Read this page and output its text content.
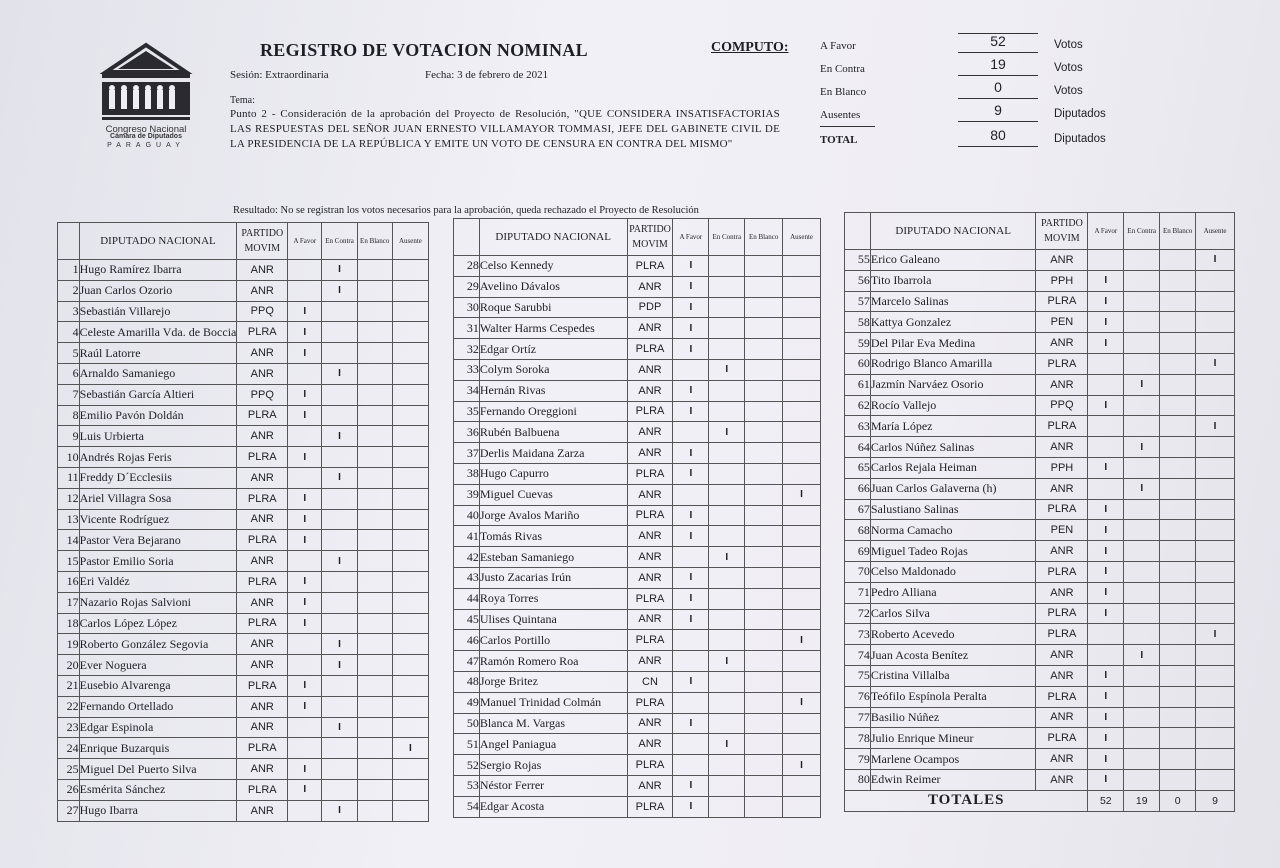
Congreso Nacional
Cámara de Diputados
PARAGUAY
REGISTRO DE VOTACION NOMINAL
Sesión: Extraordinaria	Fecha: 3 de febrero de 2021
Tema:
Punto 2 - Consideración de la aprobación del Proyecto de Resolución, "QUE CONSIDERA INSATISFACTORIAS LAS RESPUESTAS DEL SEÑOR JUAN ERNESTO VILLAMAYOR TOMMASI, JEFE DEL GABINETE CIVIL DE LA PRESIDENCIA DE LA REPÚBLICA Y EMITE UN VOTO DE CENSURA EN CONTRA DEL MISMO"
COMPUTO:	A Favor	52	Votos
En Contra	19	Votos
En Blanco	0	Votos
Ausentes	9	Diputados
TOTAL	80	Diputados
Resultado: No se registran los votos necesarios para la aprobación, queda rechazado el Proyecto de Resolución
	DIPUTADO NACIONAL	PARTIDO
MOVIM	A Favor	En Contra	En Blanco	Ausente
1	Hugo Ramírez Ibarra	ANR		I		
2	Juan Carlos Ozorio	ANR		I		
3	Sebastián Villarejo	PPQ	I			
4	Celeste Amarilla Vda. de Boccia	PLRA	I			
5	Raúl Latorre	ANR	I			
6	Arnaldo Samaniego	ANR		I		
7	Sebastián García Altieri	PPQ	I			
8	Emilio Pavón Doldán	PLRA	I			
9	Luis Urbierta	ANR		I		
10	Andrés Rojas Feris	PLRA	I			
11	Freddy D´Ecclesiis	ANR		I		
12	Ariel Villagra Sosa	PLRA	I			
13	Vicente Rodríguez	ANR	I			
14	Pastor Vera Bejarano	PLRA	I			
15	Pastor Emilio Soria	ANR		I		
16	Eri Valdéz	PLRA	I			
17	Nazario Rojas Salvioni	ANR	I			
18	Carlos López López	PLRA	I			
19	Roberto González Segovia	ANR		I		
20	Ever Noguera	ANR		I		
21	Eusebio Alvarenga	PLRA	I			
22	Fernando Ortellado	ANR	I			
23	Edgar Espinola	ANR		I		
24	Enrique Buzarquis	PLRA				I
25	Miguel Del Puerto Silva	ANR	I			
26	Esmérita Sánchez	PLRA	I			
27	Hugo Ibarra	ANR		I		
	DIPUTADO NACIONAL	PARTIDO
MOVIM	A Favor	En Contra	En Blanco	Ausente
28	Celso Kennedy	PLRA	I			
29	Avelino Dávalos	ANR	I			
30	Roque Sarubbi	PDP	I			
31	Walter Harms Cespedes	ANR	I			
32	Edgar Ortíz	PLRA	I			
33	Colym Soroka	ANR		I		
34	Hernán Rivas	ANR	I			
35	Fernando Oreggioni	PLRA	I			
36	Rubén Balbuena	ANR		I		
37	Derlis Maidana Zarza	ANR	I			
38	Hugo Capurro	PLRA	I			
39	Miguel Cuevas	ANR				I
40	Jorge Avalos Mariño	PLRA	I			
41	Tomás Rivas	ANR	I			
42	Esteban Samaniego	ANR		I		
43	Justo Zacarias Irún	ANR	I			
44	Roya Torres	PLRA	I			
45	Ulises Quintana	ANR	I			
46	Carlos Portillo	PLRA				I
47	Ramón Romero Roa	ANR		I		
48	Jorge Britez	CN	I			
49	Manuel Trinidad Colmán	PLRA				I
50	Blanca M. Vargas	ANR	I			
51	Angel Paniagua	ANR		I		
52	Sergio Rojas	PLRA				I
53	Néstor Ferrer	ANR	I			
54	Edgar Acosta	PLRA	I			
	DIPUTADO NACIONAL	PARTIDO
MOVIM	A Favor	En Contra	En Blanco	Ausente
55	Erico Galeano	ANR				I
56	Tito Ibarrola	PPH	I			
57	Marcelo Salinas	PLRA	I			
58	Kattya Gonzalez	PEN	I			
59	Del Pilar Eva Medina	ANR	I			
60	Rodrigo Blanco Amarilla	PLRA				I
61	Jazmín Narváez Osorio	ANR		I		
62	Rocío Vallejo	PPQ	I			
63	María López	PLRA				I
64	Carlos Núñez Salinas	ANR		I		
65	Carlos Rejala Heiman	PPH	I			
66	Juan Carlos Galaverna (h)	ANR		I		
67	Salustiano Salinas	PLRA	I			
68	Norma Camacho	PEN	I			
69	Miguel Tadeo Rojas	ANR	I			
70	Celso Maldonado	PLRA	I			
71	Pedro Alliana	ANR	I			
72	Carlos Silva	PLRA	I			
73	Roberto Acevedo	PLRA				I
74	Juan Acosta Benítez	ANR		I		
75	Cristina Villalba	ANR	I			
76	Teófilo Espínola Peralta	PLRA	I			
77	Basilio Núñez	ANR	I			
78	Julio Enrique Mineur	PLRA	I			
79	Marlene Ocampos	ANR	I			
80	Edwin Reimer	ANR	I			
TOTALES			52	19	0	9
